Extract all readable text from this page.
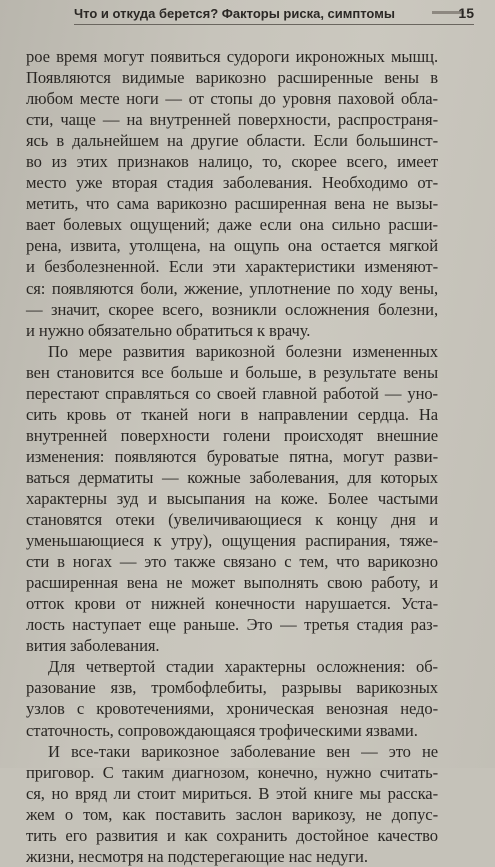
Что и откуда берется? Факторы риска, симптомы	15
рое время могут появиться судороги икроножных мышц.
Появляются видимые варикозно расширенные вены в
любом месте ноги — от стопы до уровня паховой обла-
сти, чаще — на внутренней поверхности, распространя-
ясь в дальнейшем на другие области. Если большинст-
во из этих признаков налицо, то, скорее всего, имеет
место уже вторая стадия заболевания. Необходимо от-
метить, что сама варикозно расширенная вена не вызы-
вает болевых ощущений; даже если она сильно расши-
рена, извита, утолщена, на ощупь она остается мягкой
и безболезненной. Если эти характеристики изменяют-
ся: появляются боли, жжение, уплотнение по ходу вены,
— значит, скорее всего, возникли осложнения болезни,
и нужно обязательно обратиться к врачу.
По мере развития варикозной болезни измененных
вен становится все больше и больше, в результате вены
перестают справляться со своей главной работой — уно-
сить кровь от тканей ноги в направлении сердца. На
внутренней поверхности голени происходят внешние
изменения: появляются буроватые пятна, могут разви-
ваться дерматиты — кожные заболевания, для которых
характерны зуд и высыпания на коже. Более частыми
становятся отеки (увеличивающиеся к концу дня и
уменьшающиеся к утру), ощущения распирания, тяже-
сти в ногах — это также связано с тем, что варикозно
расширенная вена не может выполнять свою работу, и
отток крови от нижней конечности нарушается. Уста-
лость наступает еще раньше. Это — третья стадия раз-
вития заболевания.
Для четвертой стадии характерны осложнения: об-
разование язв, тромбофлебиты, разрывы варикозных
узлов с кровотечениями, хроническая венозная недо-
статочность, сопровождающаяся трофическими язвами.
И все-таки варикозное заболевание вен — это не
приговор. С таким диагнозом, конечно, нужно считать-
ся, но вряд ли стоит мириться. В этой книге мы расска-
жем о том, как поставить заслон варикозу, не допус-
тить его развития и как сохранить достойное качество
жизни, несмотря на подстерегающие нас недуги.
